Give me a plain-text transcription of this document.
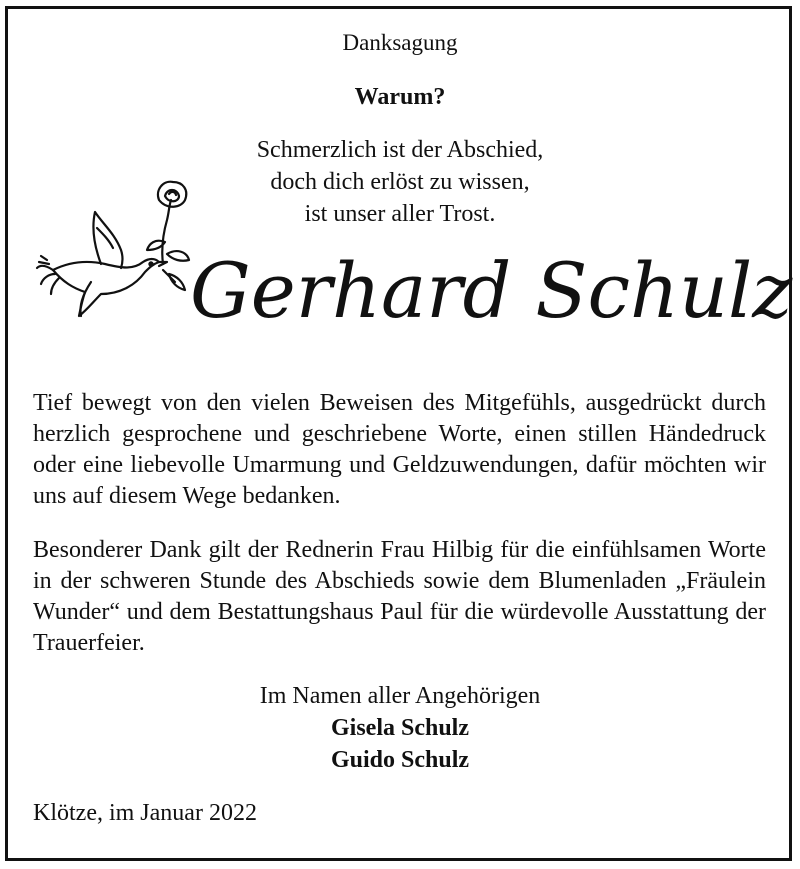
Danksagung
Warum?
Schmerzlich ist der Abschied,
doch dich erlöst zu wissen,
ist unser aller Trost.
Gerhard Schulz
Tief bewegt von den vielen Beweisen des Mitgefühls, ausgedrückt durch herzlich gesprochene und geschriebene Worte, einen stillen Händedruck oder eine liebevolle Umarmung und Geldzuwendungen, dafür möchten wir uns auf diesem Wege bedanken.
Besonderer Dank gilt der Rednerin Frau Hilbig für die einfühlsamen Worte in der schweren Stunde des Abschieds sowie dem Blumenladen „Fräulein Wunder“ und dem Bestattungshaus Paul für die würdevolle Ausstattung der Trauerfeier.
Im Namen aller Angehörigen
Gisela Schulz
Guido Schulz
Klötze, im Januar 2022
